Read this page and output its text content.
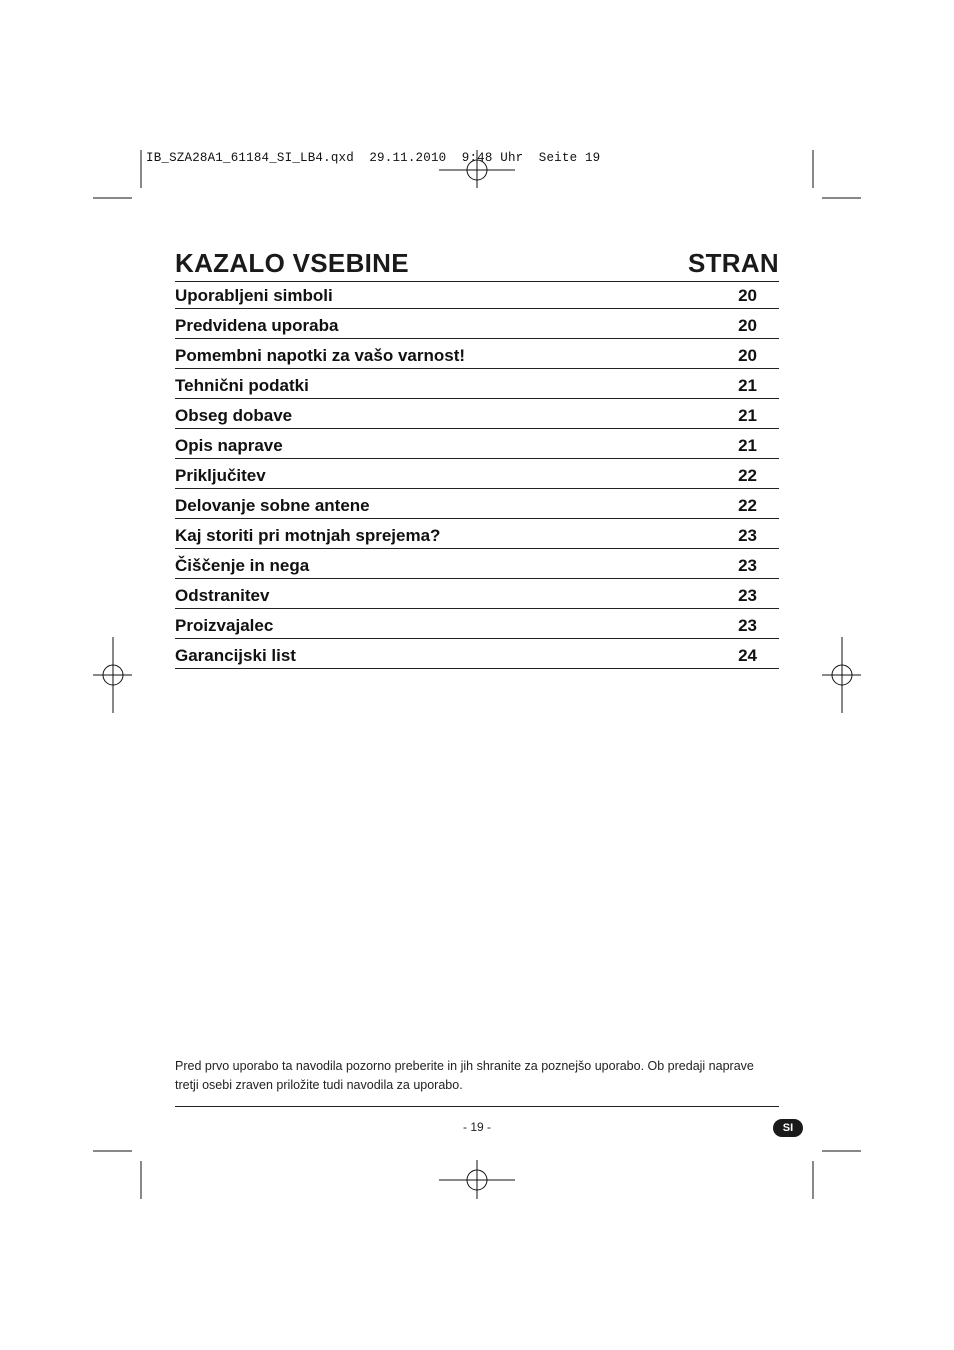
IB_SZA28A1_61184_SI_LB4.qxd  29.11.2010  9:48 Uhr  Seite 19
KAZALO VSEBINE	STRAN
Uporabljeni simboli	20
Predvidena uporaba	20
Pomembni napotki za vašo varnost!	20
Tehnični podatki	21
Obseg dobave	21
Opis naprave	21
Priključitev	22
Delovanje sobne antene	22
Kaj storiti pri motnjah sprejema?	23
Čiščenje in nega	23
Odstranitev	23
Proizvajalec	23
Garancijski list	24
Pred prvo uporabo ta navodila pozorno preberite in jih shranite za poznejšo uporabo. Ob predaji naprave
tretji osebi zraven priložite tudi navodila za uporabo.
- 19 -	SI
